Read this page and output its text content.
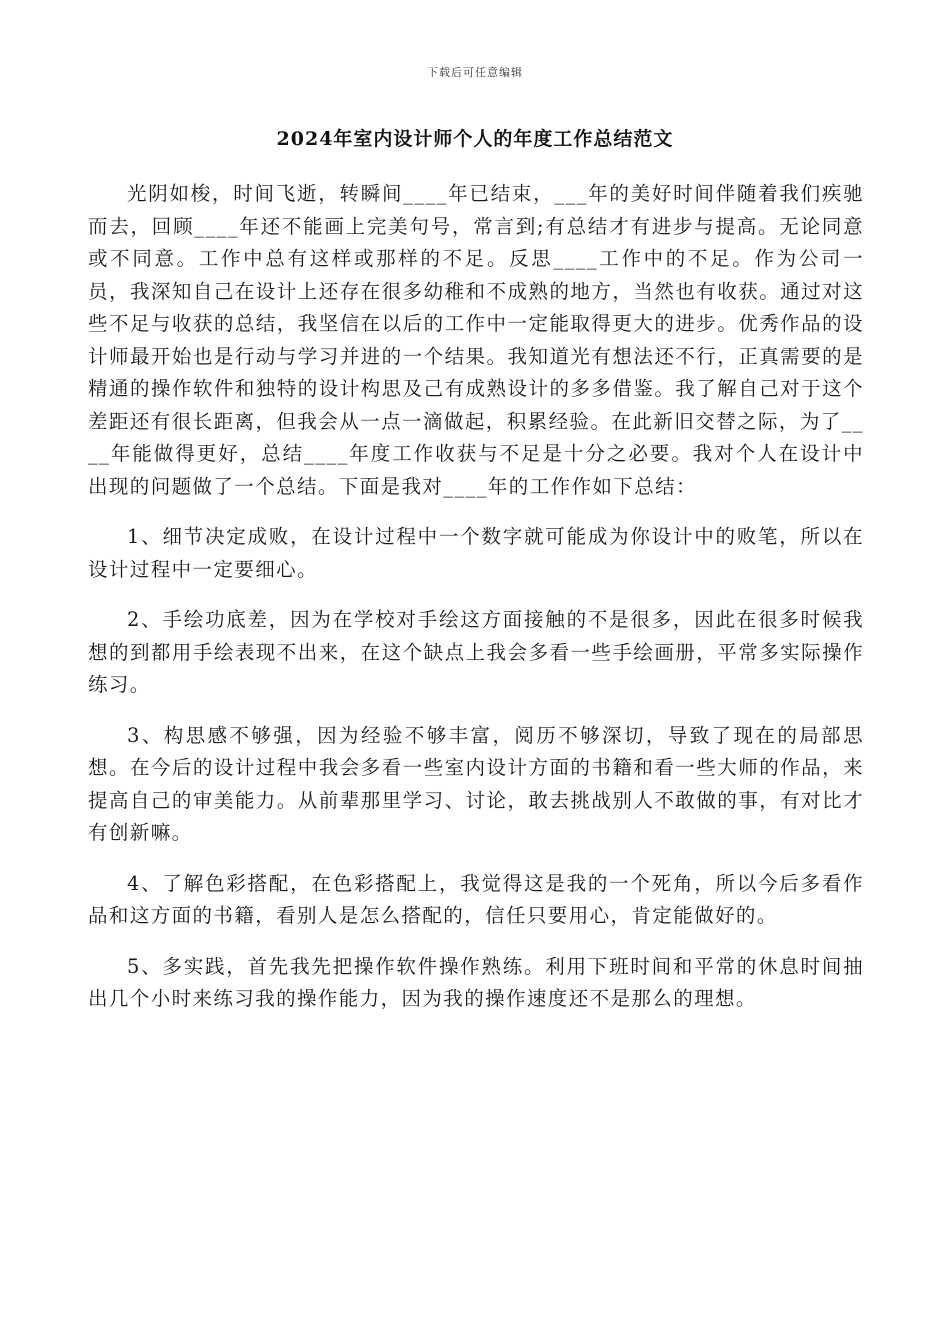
下载后可任意编辑
2024年室内设计师个人的年度工作总结范文

光阴如梭，时间飞逝，转瞬间____年已结束，___年的美好时间伴随着我们疾驰而去，回顾____年还不能画上完美句号，常言到;有总结才有进步与提高。无论同意或不同意。工作中总有这样或那样的不足。反思____工作中的不足。作为公司一员，我深知自己在设计上还存在很多幼稚和不成熟的地方，当然也有收获。通过对这些不足与收获的总结，我坚信在以后的工作中一定能取得更大的进步。优秀作品的设计师最开始也是行动与学习并进的一个结果。我知道光有想法还不行，正真需要的是精通的操作软件和独特的设计构思及己有成熟设计的多多借鉴。我了解自己对于这个差距还有很长距离，但我会从一点一滴做起，积累经验。在此新旧交替之际，为了____年能做得更好，总结____年度工作收获与不足是十分之必要。我对个人在设计中出现的问题做了一个总结。下面是我对____年的工作作如下总结：

1、细节决定成败，在设计过程中一个数字就可能成为你设计中的败笔，所以在设计过程中一定要细心。

2、手绘功底差，因为在学校对手绘这方面接触的不是很多，因此在很多时候我想的到都用手绘表现不出来，在这个缺点上我会多看一些手绘画册，平常多实际操作练习。

3、构思感不够强，因为经验不够丰富，阅历不够深切，导致了现在的局部思想。在今后的设计过程中我会多看一些室内设计方面的书籍和看一些大师的作品，来提高自己的审美能力。从前辈那里学习、讨论，敢去挑战别人不敢做的事，有对比才有创新嘛。

4、了解色彩搭配，在色彩搭配上，我觉得这是我的一个死角，所以今后多看作品和这方面的书籍，看别人是怎么搭配的，信任只要用心，肯定能做好的。

5、多实践，首先我先把操作软件操作熟练。利用下班时间和平常的休息时间抽出几个小时来练习我的操作能力，因为我的操作速度还不是那么的理想。
